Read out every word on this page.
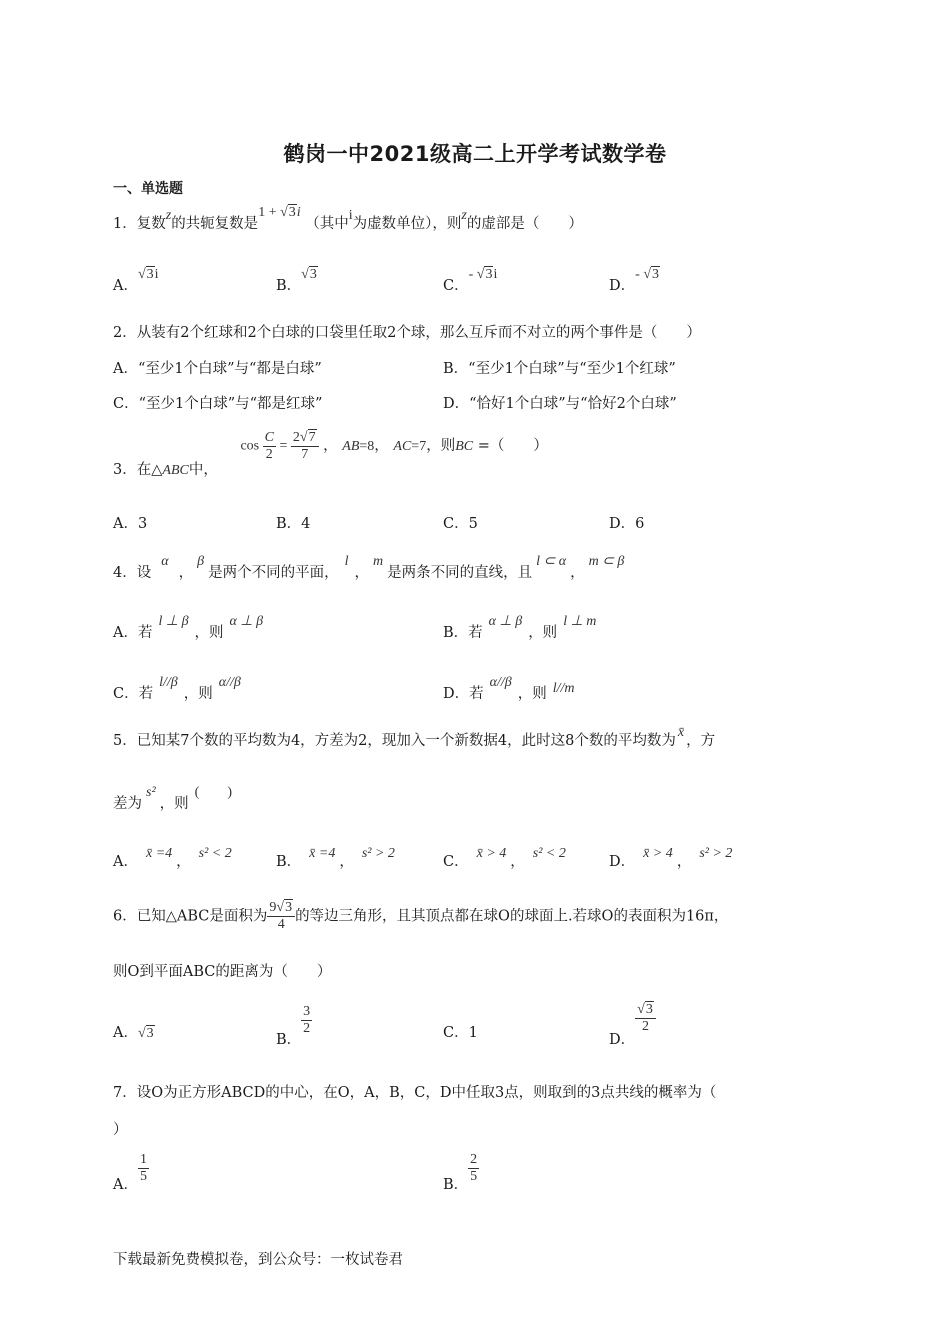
鹤岗一中2021级高二上开学考试数学卷
一、单选题
1．复数z的共轭复数是1 + √3i （其中i为虚数单位），则z的虚部是（　　）
A．√3i
B．√3
C．- √3i
D．- √3
2．从装有2个红球和2个白球的口袋里任取2个球，那么互斥而不对立的两个事件是（　　）
A．“至少1个白球”与“都是白球”	B．“至少1个白球”与“至少1个红球”
C．“至少1个白球”与“都是红球”	D．“恰好1个白球”与“恰好2个白球”
3．在△ABC中， $\cos \frac{C}{2} = \frac{2√7}{7}$ ， AB=8， AC=7，则BC =（　　）
A．3	B．4	C．5	D．6
4．设α，β是两个不同的平面，l，m是两条不同的直线，且l ⊂ α，m ⊂ β
A．若l ⊥ β，则α ⊥ β
B．若α ⊥ β，则l ⊥ m
C．若l//β，则α//β
D．若α//β，则 l//m
5．已知某7个数的平均数为4，方差为2，现加入一个新数据4，此时这8个数的平均数为x̄，方
差为s²，则(　　)
A．x̄ =4，s² < 2
B．x̄ =4，s² > 2
C．x̄ > 4，s² < 2
D．x̄ > 4，s² > 2
6．已知△ABC是面积为 $\frac{9√3}{4}$ 的等边三角形，且其顶点都在球O的球面上.若球O的表面积为16π，
则O到平面ABC的距离为（　　）
A．√3	B．
$\frac{3}{2}$	C．1	D．
$\frac{√3}{2}$
7．设O为正方形ABCD的中心，在O，A，B，C，D中任取3点，则取到的3点共线的概率为（
）
A． $\frac{1}{5}$	B． $\frac{2}{5}$
下载最新免费模拟卷，到公众号：一枚试卷君
